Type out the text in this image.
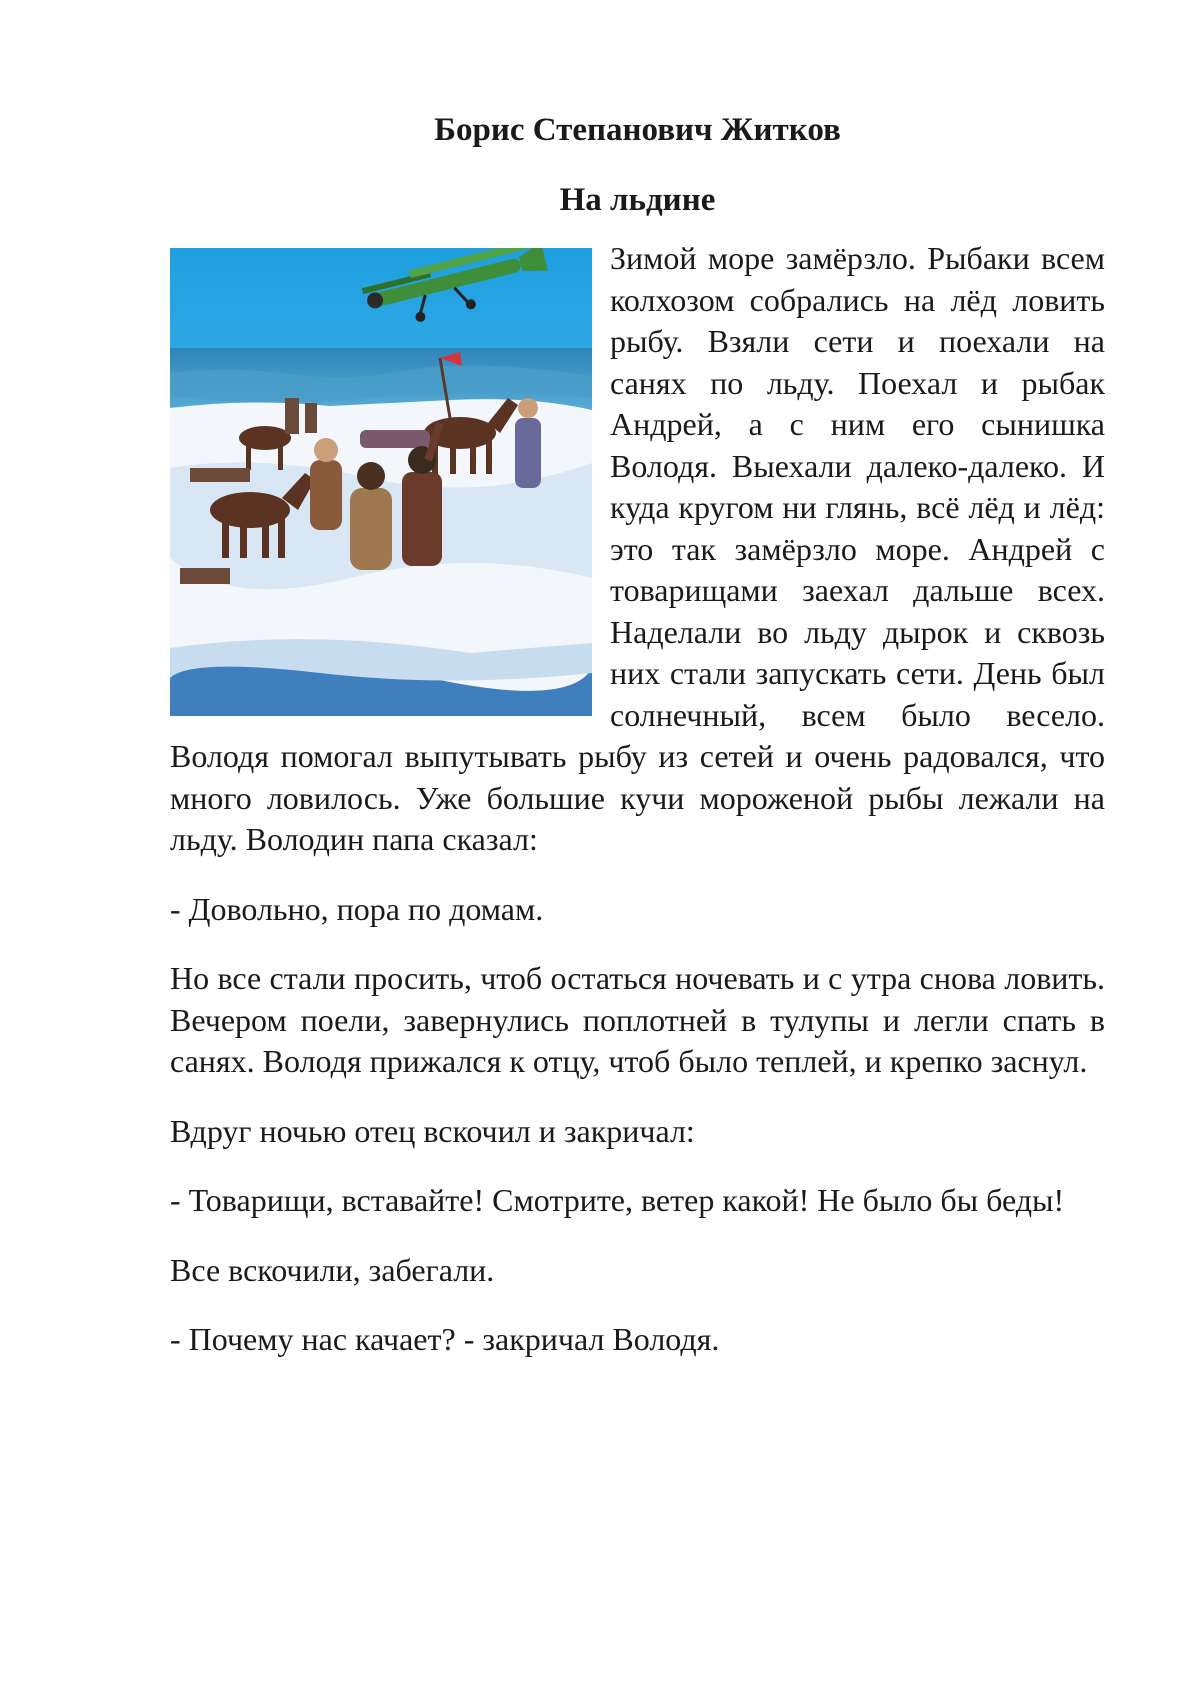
Борис Степанович Житков
На льдине

Зимой море замёрзло. Рыбаки всем колхозом собрались на лёд ловить рыбу. Взяли сети и поехали на санях по льду. Поехал и рыбак Андрей, а с ним его сынишка Володя. Выехали далеко-далеко. И куда кругом ни глянь, всё лёд и лёд: это так замёрзло море. Андрей с товарищами заехал дальше всех. Наделали во льду дырок и сквозь них стали запускать сети. День был солнечный, всем было весело. Володя помогал выпутывать рыбу из сетей и очень радовался, что много ловилось. Уже большие кучи мороженой рыбы лежали на льду. Володин папа сказал:

- Довольно, пора по домам.

Но все стали просить, чтоб остаться ночевать и с утра снова ловить. Вечером поели, завернулись поплотней в тулупы и легли спать в санях. Володя прижался к отцу, чтоб было теплей, и крепко заснул.

Вдруг ночью отец вскочил и закричал:

- Товарищи, вставайте! Смотрите, ветер какой! Не было бы беды!

Все вскочили, забегали.

- Почему нас качает? - закричал Володя.
